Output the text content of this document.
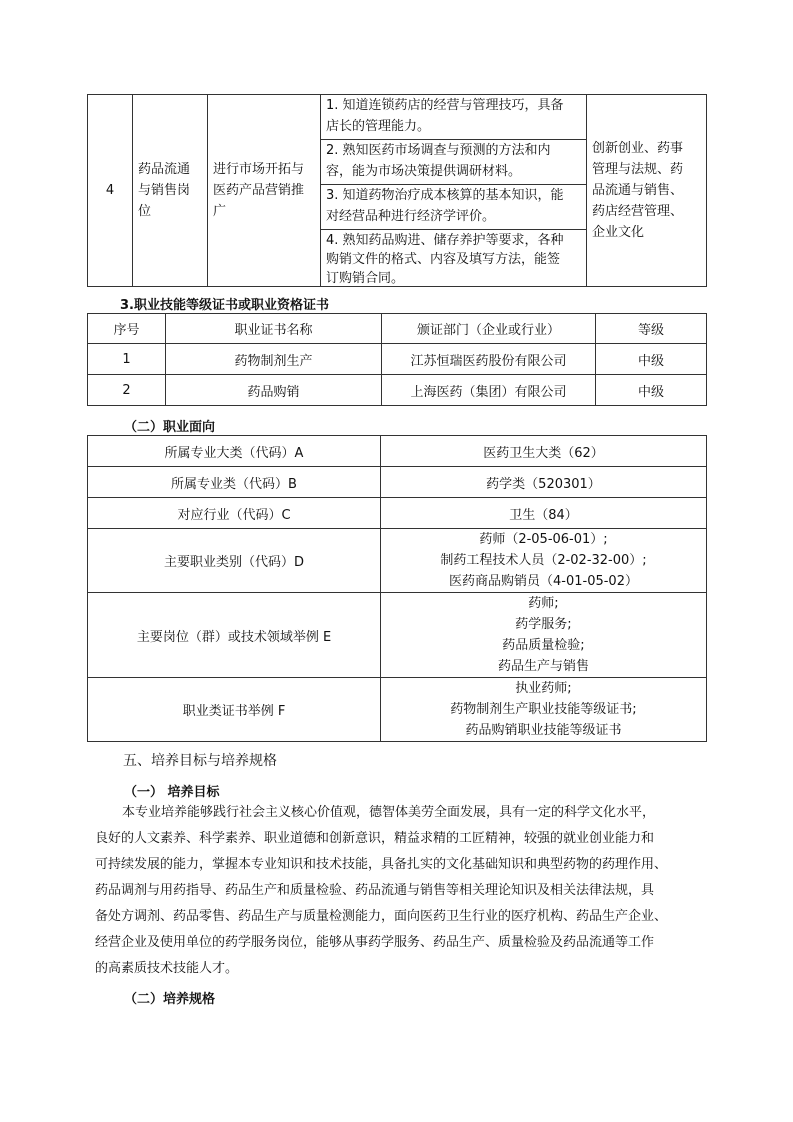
4	
药品流通
与销售岗
位

进行市场开拓与
医药产品营销推
广

1. 知道连锁药店的经营与管理技巧，具备
店长的管理能力。
2. 熟知医药市场调查与预测的方法和内
容，能为市场决策提供调研材料。
3. 知道药物治疗成本核算的基本知识，能
对经营品种进行经济学评价。
4. 熟知药品购进、储存养护等要求，各种
购销文件的格式、内容及填写方法，能签
订购销合同。

创新创业、药事
管理与法规、药
品流通与销售、
药店经营管理、
企业文化
3.职业技能等级证书或职业资格证书
序号	职业证书名称	颁证部门（企业或行业）	等级
1	药物制剂生产	江苏恒瑞医药股份有限公司	中级
2	药品购销	上海医药（集团）有限公司	中级
（二）职业面向
所属专业大类（代码）A	医药卫生大类（62）
所属专业类（代码）B	药学类（520301）
对应行业（代码）C	卫生（84）
主要职业类别（代码）D	药师（2-05-06-01）;
制药工程技术人员（2-02-32-00）;
医药商品购销员（4-01-05-02）

主要岗位（群）或技术领域举例 E	药师;
药学服务;
药品质量检验;
药品生产与销售

职业类证书举例 F	执业药师;
药物制剂生产职业技能等级证书;
药品购销职业技能等级证书
五、培养目标与培养规格
（一） 培养目标
本专业培养能够践行社会主义核心价值观，德智体美劳全面发展，具有一定的科学文化水平，
良好的人文素养、科学素养、职业道德和创新意识，精益求精的工匠精神，较强的就业创业能力和
可持续发展的能力，掌握本专业知识和技术技能，具备扎实的文化基础知识和典型药物的药理作用、
药品调剂与用药指导、药品生产和质量检验、药品流通与销售等相关理论知识及相关法律法规，具
备处方调剂、药品零售、药品生产与质量检测能力，面向医药卫生行业的医疗机构、药品生产企业、
经营企业及使用单位的药学服务岗位，能够从事药学服务、药品生产、质量检验及药品流通等工作
的高素质技术技能人才。
（二）培养规格
